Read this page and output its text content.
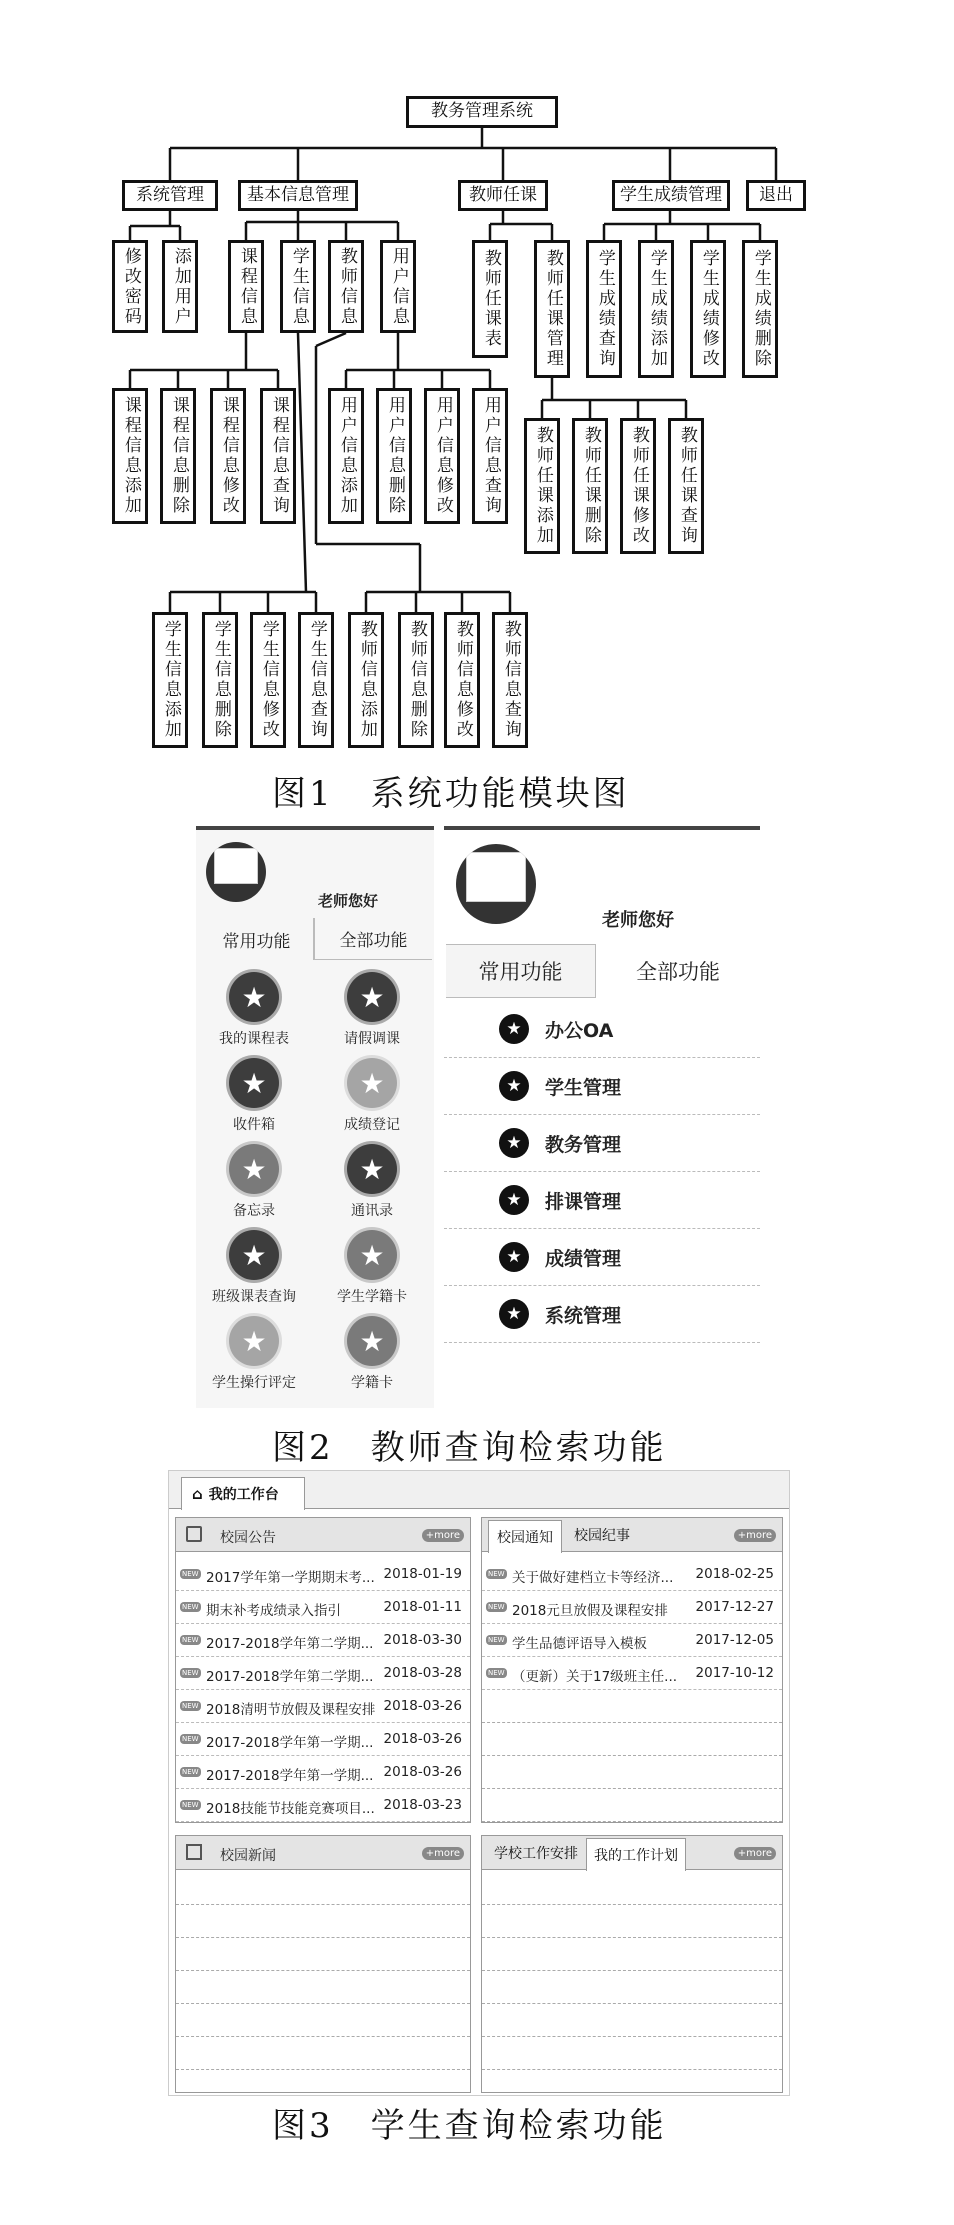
教务管理系统
系统管理	基本信息管理	教师任课	学生成绩管理	退出
修改密码	添加用户	课程信息	学生信息	教师信息	用户信息	教师任课表	教师任课管理	学生成绩查询	学生成绩添加	学生成绩修改	学生成绩删除
课程信息添加	课程信息删除	课程信息修改	课程信息查询	用户信息添加	用户信息删除	用户信息修改	用户信息查询	教师任课添加	教师任课删除	教师任课修改	教师任课查询
学生信息添加	学生信息删除	学生信息修改	学生信息查询	教师信息添加	教师信息删除	教师信息修改	教师信息查询
图1　系统功能模块图
老师您好
常用功能	全部功能
★
我的课程表
★
请假调课
★
收件箱
★
成绩登记
★
备忘录
★
通讯录
★
班级课表查询
★
学生学籍卡
★
学生操行评定
★
学籍卡
老师您好
常用功能	全部功能
★	办公OA
★	学生管理
★	教务管理
★	排课管理
★	成绩管理
★	系统管理
图2　教师查询检索功能
⌂ 我的工作台
校园公告	+more
NEW 2017学年第一学期期末考... 2018-01-19
NEW 期末补考成绩录入指引	2018-01-11
NEW 2017-2018学年第二学期... 2018-03-30
NEW 2017-2018学年第二学期... 2018-03-28
NEW 2018清明节放假及课程安排 2018-03-26
NEW 2017-2018学年第一学期... 2018-03-26
NEW 2017-2018学年第一学期... 2018-03-26
NEW 2018技能节技能竞赛项目... 2018-03-23
校园通知	校园纪事	+more
NEW 关于做好建档立卡等经济... 2018-02-25
NEW 2018元旦放假及课程安排 2017-12-27
NEW 学生品德评语导入模板	2017-12-05
NEW （更新）关于17级班主任... 2017-10-12
校园新闻	+more	学校工作安排	我的工作计划	+more
图3　学生查询检索功能
